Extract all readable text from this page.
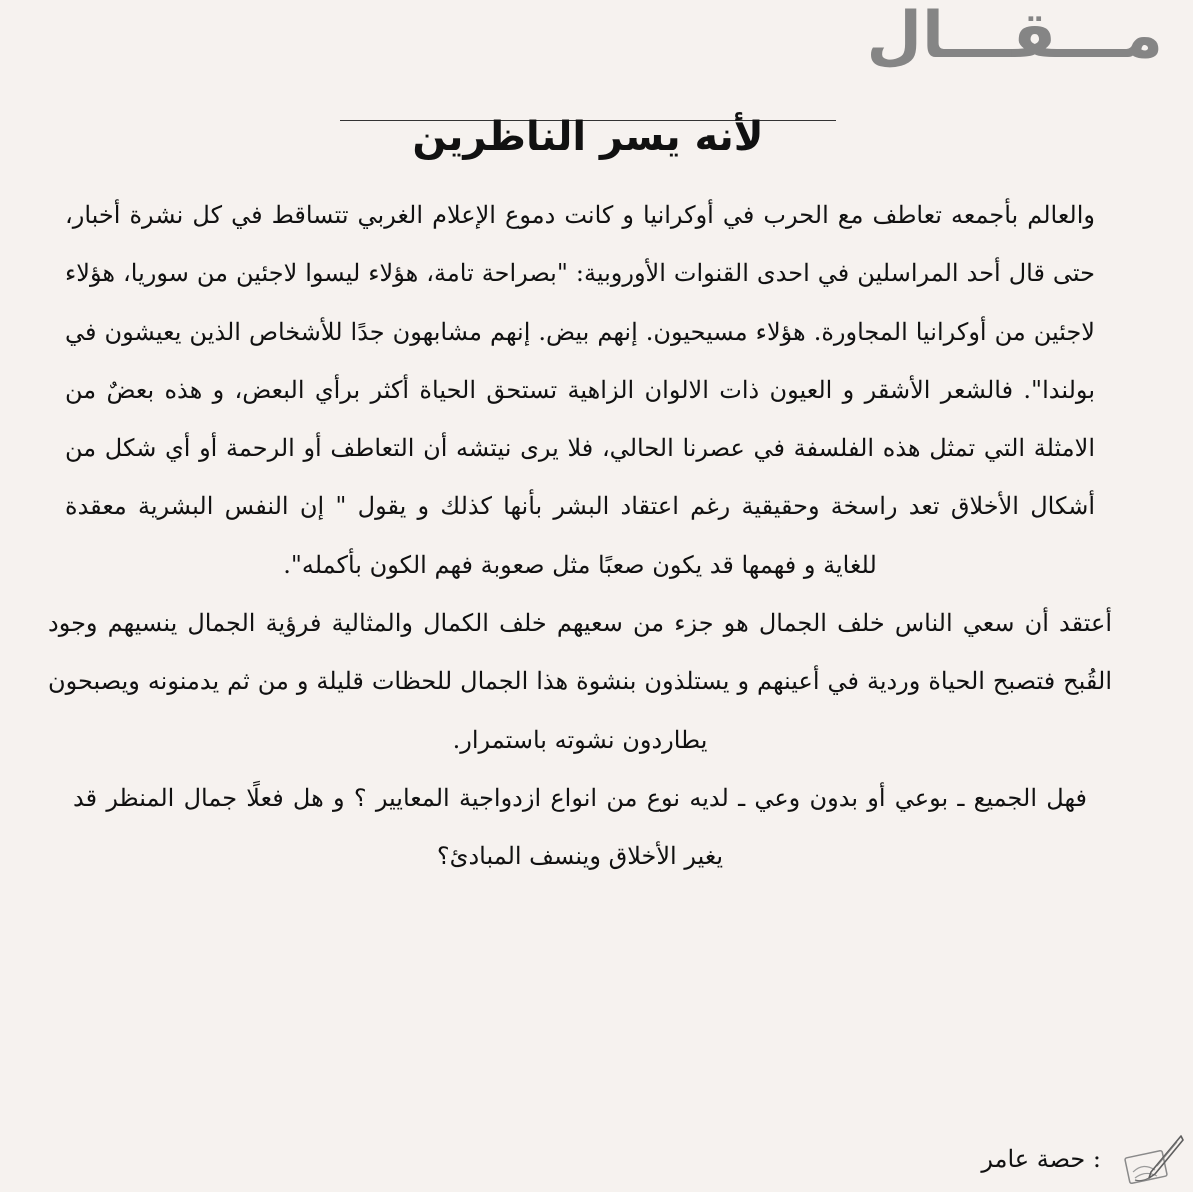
مـــقـــال
لأنه يسر الناظرين

والعالم بأجمعه تعاطف مع الحرب في أوكرانيا و كانت دموع الإعلام الغربي تتساقط في كل نشرة أخبار، حتى قال أحد المراسلين في احدى القنوات الأوروبية: "بصراحة تامة، هؤلاء ليسوا لاجئين من سوريا، هؤلاء لاجئين من أوكرانيا المجاورة. هؤلاء مسيحيون. إنهم بيض. إنهم مشابهون جدًا للأشخاص الذين يعيشون في بولندا". فالشعر الأشقر و العيون ذات الالوان الزاهية تستحق الحياة أكثر برأي البعض، و هذه بعضٌ من الامثلة التي تمثل هذه الفلسفة في عصرنا الحالي، فلا يرى نيتشه أن التعاطف أو الرحمة أو أي شكل من أشكال الأخلاق تعد راسخة وحقيقية رغم اعتقاد البشر بأنها كذلك و يقول " إن النفس البشرية معقدة للغاية و فهمها قد يكون صعبًا مثل صعوبة فهم الكون بأكمله".

أعتقد أن سعي الناس خلف الجمال هو جزء من سعيهم خلف الكمال والمثالية فرؤية الجمال ينسيهم وجود القُبح فتصبح الحياة وردية في أعينهم و يستلذون بنشوة هذا الجمال للحظات قليلة و من ثم يدمنونه ويصبحون يطاردون نشوته باستمرار.

فهل الجميع ـ بوعي أو بدون وعي ـ لديه نوع من انواع ازدواجية المعايير ؟ و هل فعلًا جمال المنظر قد يغير الأخلاق وينسف المبادئ؟

: حصة عامر
